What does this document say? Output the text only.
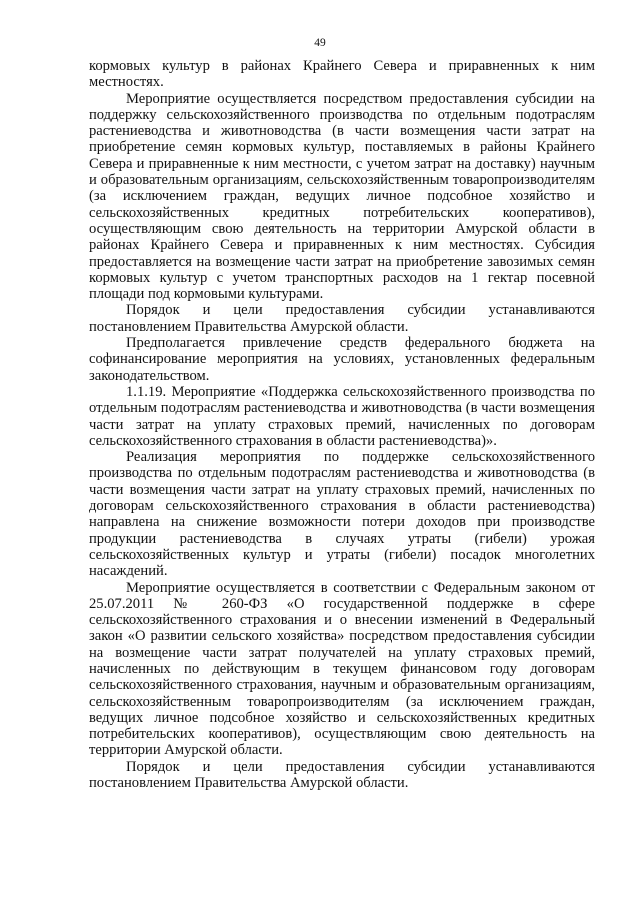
49

кормовых культур в районах Крайнего Севера и приравненных к ним местностях.

Мероприятие осуществляется посредством предоставления субсидии на поддержку сельскохозяйственного производства по отдельным подотраслям растениеводства и животноводства (в части возмещения части затрат на приобретение семян кормовых культур, поставляемых в районы Крайнего Севера и приравненные к ним местности, с учетом затрат на доставку) научным и образовательным организациям, сельскохозяйственным товаропроизводителям (за исключением граждан, ведущих личное подсобное хозяйство и сельскохозяйственных кредитных потребительских кооперативов), осуществляющим свою деятельность на территории Амурской области в районах Крайнего Севера и приравненных к ним местностях. Субсидия предоставляется на возмещение части затрат на приобретение завозимых семян кормовых культур с учетом транспортных расходов на 1 гектар посевной площади под кормовыми культурами.

Порядок и цели предоставления субсидии устанавливаются постановлением Правительства Амурской области.

Предполагается привлечение средств федерального бюджета на софинансирование мероприятия на условиях, установленных федеральным законодательством.

1.1.19. Мероприятие «Поддержка сельскохозяйственного производства по отдельным подотраслям растениеводства и животноводства (в части возмещения части затрат на уплату страховых премий, начисленных по договорам сельскохозяйственного страхования в области растениеводства)».

Реализация мероприятия по поддержке сельскохозяйственного производства по отдельным подотраслям растениеводства и животноводства (в части возмещения части затрат на уплату страховых премий, начисленных по договорам сельскохозяйственного страхования в области растениеводства) направлена на снижение возможности потери доходов при производстве продукции растениеводства в случаях утраты (гибели) урожая сельскохозяйственных культур и утраты (гибели) посадок многолетних насаждений.

Мероприятие осуществляется в соответствии с Федеральным законом от 25.07.2011 № 260-ФЗ «О государственной поддержке в сфере сельскохозяйственного страхования и о внесении изменений в Федеральный закон «О развитии сельского хозяйства» посредством предоставления субсидии на возмещение части затрат получателей на уплату страховых премий, начисленных по действующим в текущем финансовом году договорам сельскохозяйственного страхования, научным и образовательным организациям, сельскохозяйственным товаропроизводителям (за исключением граждан, ведущих личное подсобное хозяйство и сельскохозяйственных кредитных потребительских кооперативов), осуществляющим свою деятельность на территории Амурской области.

Порядок и цели предоставления субсидии устанавливаются постановлением Правительства Амурской области.
